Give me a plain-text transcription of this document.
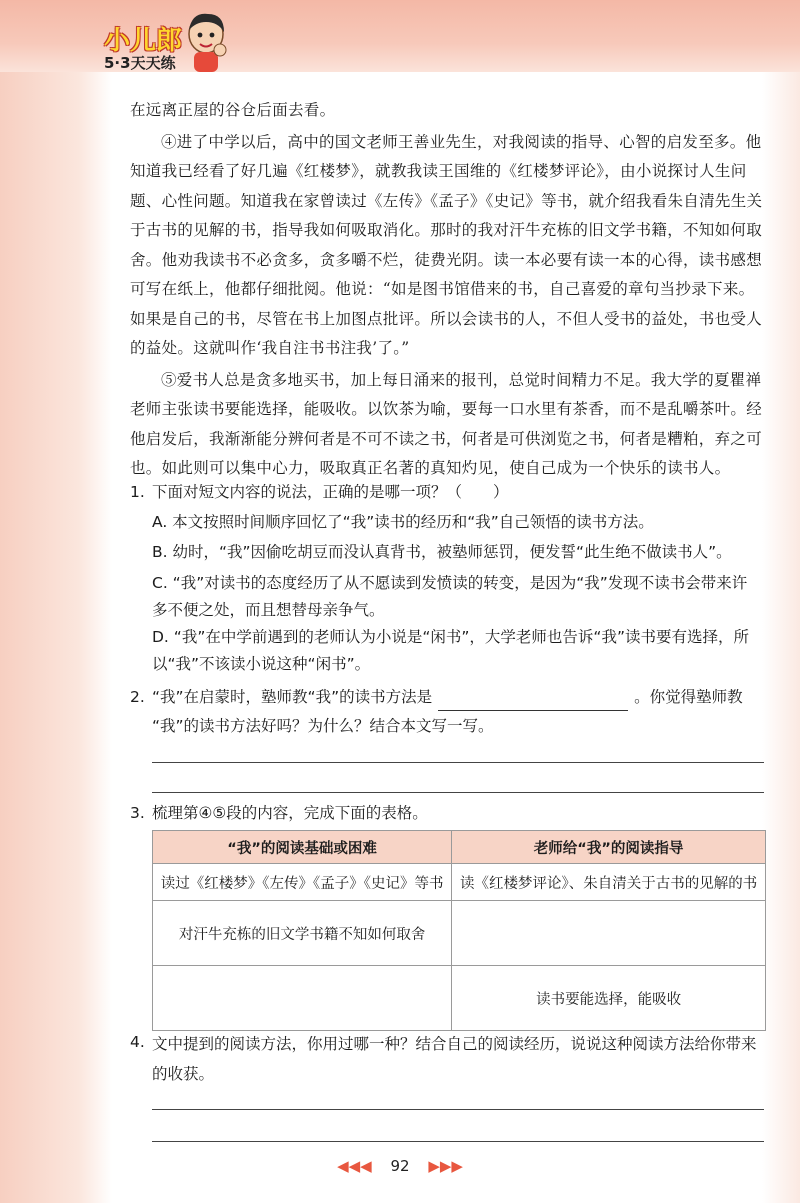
小儿郎
5·3天天练

在远离正屋的谷仓后面去看。

④进了中学以后，高中的国文老师王善业先生，对我阅读的指导、心智的启发至多。他知道我已经看了好几遍《红楼梦》，就教我读王国维的《红楼梦评论》，由小说探讨人生问题、心性问题。知道我在家曾读过《左传》《孟子》《史记》等书，就介绍我看朱自清先生关于古书的见解的书，指导我如何吸取消化。那时的我对汗牛充栋的旧文学书籍，不知如何取舍。他劝我读书不必贪多，贪多嚼不烂，徒费光阴。读一本必要有读一本的心得，读书感想可写在纸上，他都仔细批阅。他说：“如是图书馆借来的书，自己喜爱的章句当抄录下来。如果是自己的书，尽管在书上加图点批评。所以会读书的人，不但人受书的益处，书也受人的益处。这就叫作‘我自注书书注我’了。”

⑤爱书人总是贪多地买书，加上每日涌来的报刊，总觉时间精力不足。我大学的夏瞿禅老师主张读书要能选择，能吸收。以饮茶为喻，要每一口水里有茶香，而不是乱嚼茶叶。经他启发后，我渐渐能分辨何者是不可不读之书，何者是可供浏览之书，何者是糟粕，弃之可也。如此则可以集中心力，吸取真正名著的真知灼见，使自己成为一个快乐的读书人。

1. 下面对短文内容的说法，正确的是哪一项？（　　）
A. 本文按照时间顺序回忆了“我”读书的经历和“我”自己领悟的读书方法。
B. 幼时，“我”因偷吃胡豆而没认真背书，被塾师惩罚，便发誓“此生绝不做读书人”。
C. “我”对读书的态度经历了从不愿读到发愤读的转变，是因为“我”发现不读书会带来许多不便之处，而且想替母亲争气。
D. “我”在中学前遇到的老师认为小说是“闲书”，大学老师也告诉“我”读书要有选择，所以“我”不该读小说这种“闲书”。
2. “我”在启蒙时，塾师教“我”的读书方法是	。你觉得塾师教
“我”的读书方法好吗？为什么？结合本文写一写。
3. 梳理第④⑤段的内容，完成下面的表格。
“我”的阅读基础或困难	老师给“我”的阅读指导
读过《红楼梦》《左传》《孟子》《史记》等书	读《红楼梦评论》、朱自清关于古书的见解的书
对汗牛充栋的旧文学书籍不知如何取舍	
	读书要能选择，能吸收
4. 文中提到的阅读方法，你用过哪一种？结合自己的阅读经历，说说这种阅读方法给你带来的收获。
◀◀◀ 92 ▶▶▶
